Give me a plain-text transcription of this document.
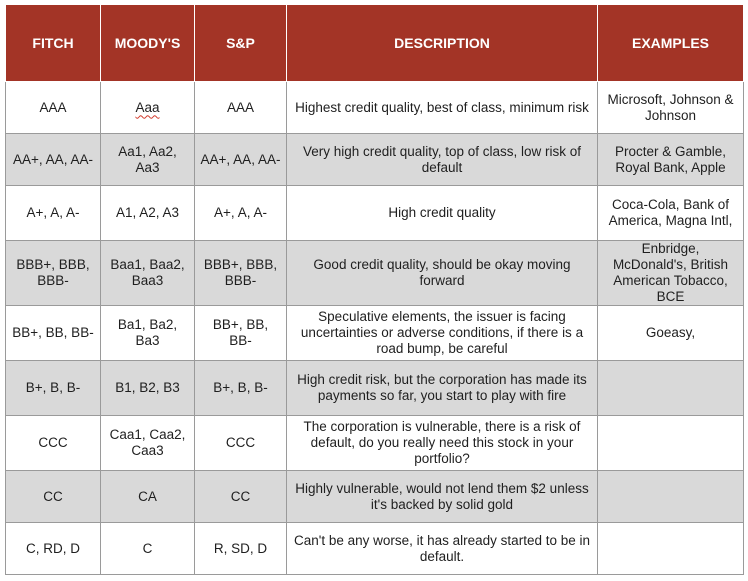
FITCH	MOODY'S	S&P	DESCRIPTION	EXAMPLES
AAA	Aaa	AAA	Highest credit quality, best of class, minimum risk	Microsoft, Johnson & Johnson
AA+, AA, AA-	Aa1, Aa2, Aa3	AA+, AA, AA-	Very high credit quality, top of class, low risk of default	Procter & Gamble, Royal Bank, Apple
A+, A, A-	A1, A2, A3	A+, A, A-	High credit quality	Coca-Cola, Bank of America, Magna Intl,
BBB+, BBB, BBB-	Baa1, Baa2, Baa3	BBB+, BBB, BBB-	Good credit quality, should be okay moving forward	Enbridge, McDonald's, British American Tobacco, BCE
BB+, BB, BB-	Ba1, Ba2, Ba3	BB+, BB, BB-	Speculative elements, the issuer is facing uncertainties or adverse conditions, if there is a road bump, be careful	Goeasy,
B+, B, B-	B1, B2, B3	B+, B, B-	High credit risk, but the corporation has made its payments so far, you start to play with fire	
CCC	Caa1, Caa2, Caa3	CCC	The corporation is vulnerable, there is a risk of default, do you really need this stock in your portfolio?	
CC	CA	CC	Highly vulnerable, would not lend them $2 unless it's backed by solid gold	
C, RD, D	C	R, SD, D	Can't be any worse, it has already started to be in default.	
